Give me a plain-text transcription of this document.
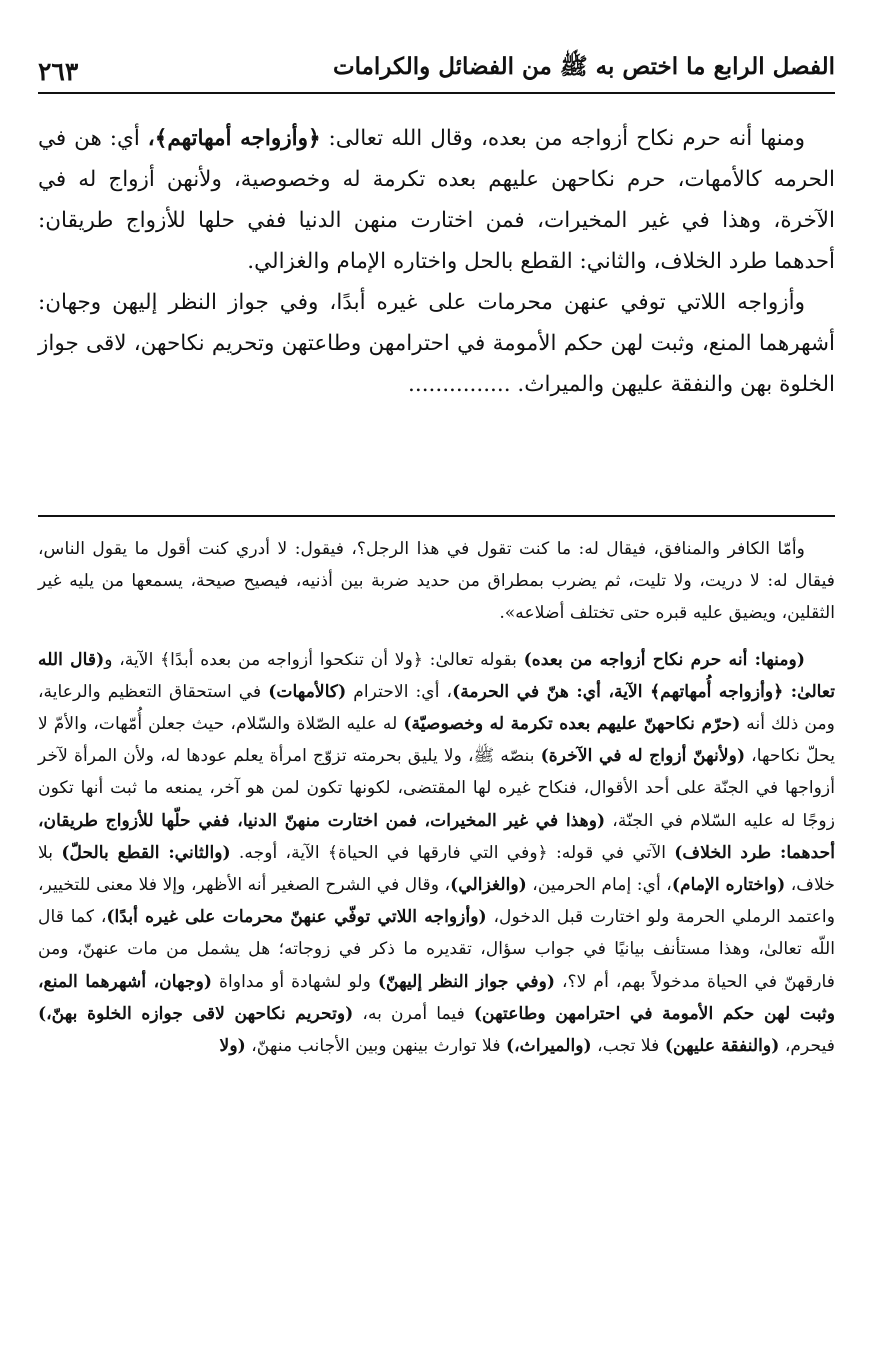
الفصل الرابع ما اختص به ﷺ من الفضائل والكرامات
٢٦٣

ومنها أنه حرم نكاح أزواجه من بعده، وقال الله تعالى: ﴿وأزواجه أمهاتهم﴾، أي: هن في الحرمه كالأمهات، حرم نكاحهن عليهم بعده تكرمة له وخصوصية، ولأنهن أزواج له في الآخرة، وهذا في غير المخيرات، فمن اختارت منهن الدنيا ففي حلها للأزواج طريقان: أحدهما طرد الخلاف، والثاني: القطع بالحل واختاره الإمام والغزالي.

وأزواجه اللاتي توفي عنهن محرمات على غيره أبدًا، وفي جواز النظر إليهن وجهان: أشهرهما المنع، وثبت لهن حكم الأمومة في احترامهن وطاعتهن وتحريم نكاحهن، لاقى جواز الخلوة بهن والنفقة عليهن والميراث. ...............

وأمّا الكافر والمنافق، فيقال له: ما كنت تقول في هذا الرجل؟، فيقول: لا أدري كنت أقول ما يقول الناس، فيقال له: لا دريت، ولا تليت، ثم يضرب بمطراق من حديد ضربة بين أذنيه، فيصيح صيحة، يسمعها من يليه غير الثقلين، ويضيق عليه قبره حتى تختلف أضلاعه».

(ومنها: أنه حرم نكاح أزواجه من بعده) بقوله تعالىٰ: ﴿ولا أن تنكحوا أزواجه من بعده أبدًا﴾ الآية، و(قال الله تعالىٰ: ﴿وأزواجه أُمهاتهم﴾ الآية، أي: هنّ في الحرمة)، أي: الاحترام (كالأمهات) في استحقاق التعظيم والرعاية، ومن ذلك أنه (حرّم نكاحهنّ عليهم بعده تكرمة له وخصوصيّة) له عليه الصّلاة والسّلام، حيث جعلن أُمّهات، والأمّ لا يحلّ نكاحها، (ولأنهنّ أزواج له في الآخرة) بنصّه ﷺ، ولا يليق بحرمته تزوّج امرأة يعلم عودها له، ولأن المرأة لآخر أزواجها في الجنّة على أحد الأقوال، فنكاح غيره لها المقتضى، لكونها تكون لمن هو آخر، يمنعه ما ثبت أنها تكون زوجًا له عليه السّلام في الجنّة، (وهذا في غير المخيرات، فمن اختارت منهنّ الدنيا، ففي حلّها للأزواج طريقان، أحدهما: طرد الخلاف) الآتي في قوله: ﴿وفي التي فارقها في الحياة﴾ الآية، أوجه. (والثاني: القطع بالحلّ) بلا خلاف، (واختاره الإمام)، أي: إمام الحرمين، (والغزالي)، وقال في الشرح الصغير أنه الأظهر، وإلا فلا معنى للتخيير، واعتمد الرملي الحرمة ولو اختارت قبل الدخول، (وأزواجه اللاتي توفّي عنهنّ محرمات على غيره أبدًا)، كما قال اللّه تعالىٰ، وهذا مستأنف بيانيًا في جواب سؤال، تقديره ما ذكر في زوجاته؛ هل يشمل من مات عنهنّ، ومن فارقهنّ في الحياة مدخولاً بهم، أم لا؟، (وفي جواز النظر إليهنّ) ولو لشهادة أو مداواة (وجهان، أشهرهما المنع، وثبت لهن حكم الأمومة في احترامهن وطاعتهن) فيما أمرن به، (وتحريم نكاحهن لاقى جوازه الخلوة بهنّ،) فيحرم، (والنفقة عليهن) فلا تجب، (والميراث،) فلا توارث بينهن وبين الأجانب منهنّ، (ولا
